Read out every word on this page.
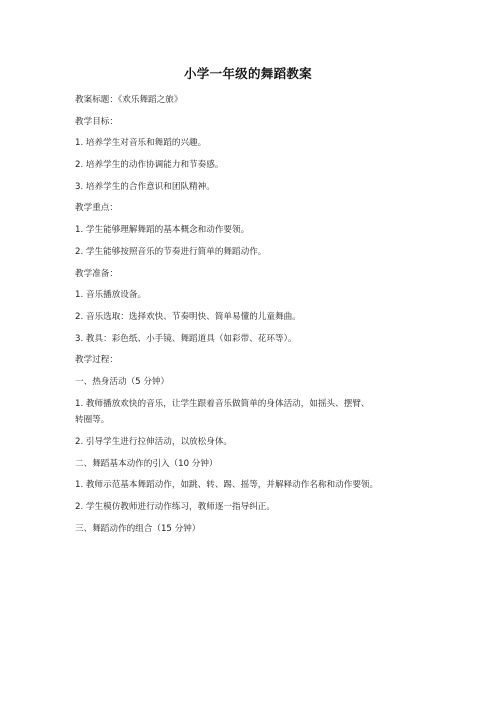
小学一年级的舞蹈教案
教案标题：《欢乐舞蹈之旅》
教学目标：
1. 培养学生对音乐和舞蹈的兴趣。
2. 培养学生的动作协调能力和节奏感。
3. 培养学生的合作意识和团队精神。
教学重点：
1. 学生能够理解舞蹈的基本概念和动作要领。
2. 学生能够按照音乐的节奏进行简单的舞蹈动作。
教学准备：
1. 音乐播放设备。
2. 音乐选取：选择欢快、节奏明快、简单易懂的儿童舞曲。
3. 教具：彩色纸、小手镜、舞蹈道具（如彩带、花环等）。
教学过程：
一、热身活动（5 分钟）
1. 教师播放欢快的音乐，让学生跟着音乐做简单的身体活动，如摇头、摆臂、
转圈等。
2. 引导学生进行拉伸活动，以放松身体。
二、舞蹈基本动作的引入（10 分钟）
1. 教师示范基本舞蹈动作，如跳、转、踢、摇等，并解释动作名称和动作要领。
2. 学生模仿教师进行动作练习，教师逐一指导纠正。
三、舞蹈动作的组合（15 分钟）
